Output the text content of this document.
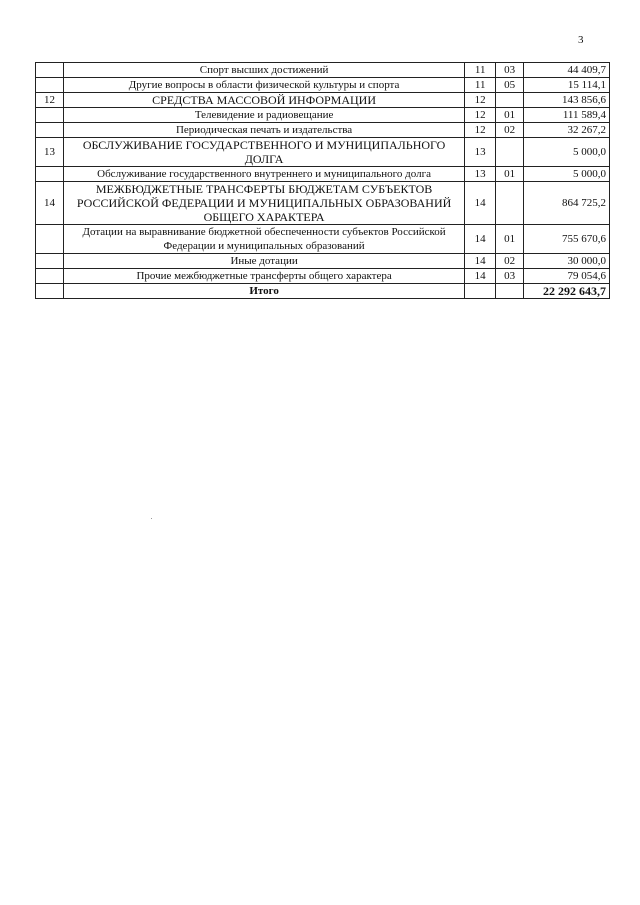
3
	Спорт высших достижений	11	03	44 409,7
	Другие вопросы в области физической культуры и спорта	11	05	15 114,1
12	СРЕДСТВА МАССОВОЙ ИНФОРМАЦИИ	12		143 856,6
	Телевидение и радиовещание	12	01	111 589,4
	Периодическая печать и издательства	12	02	32 267,2
13	ОБСЛУЖИВАНИЕ ГОСУДАРСТВЕННОГО И МУНИЦИПАЛЬНОГО ДОЛГА	13		5 000,0
	Обслуживание государственного внутреннего и муниципального долга	13	01	5 000,0
14	МЕЖБЮДЖЕТНЫЕ ТРАНСФЕРТЫ БЮДЖЕТАМ СУБЪЕКТОВ РОССИЙСКОЙ ФЕДЕРАЦИИ И МУНИЦИПАЛЬНЫХ ОБРАЗОВАНИЙ ОБЩЕГО ХАРАКТЕРА	14		864 725,2
	Дотации на выравнивание бюджетной обеспеченности субъектов Российской Федерации и муниципальных образований	14	01	755 670,6
	Иные дотации	14	02	30 000,0
	Прочие межбюджетные трансферты общего характера	14	03	79 054,6
	Итого			22 292 643,7
